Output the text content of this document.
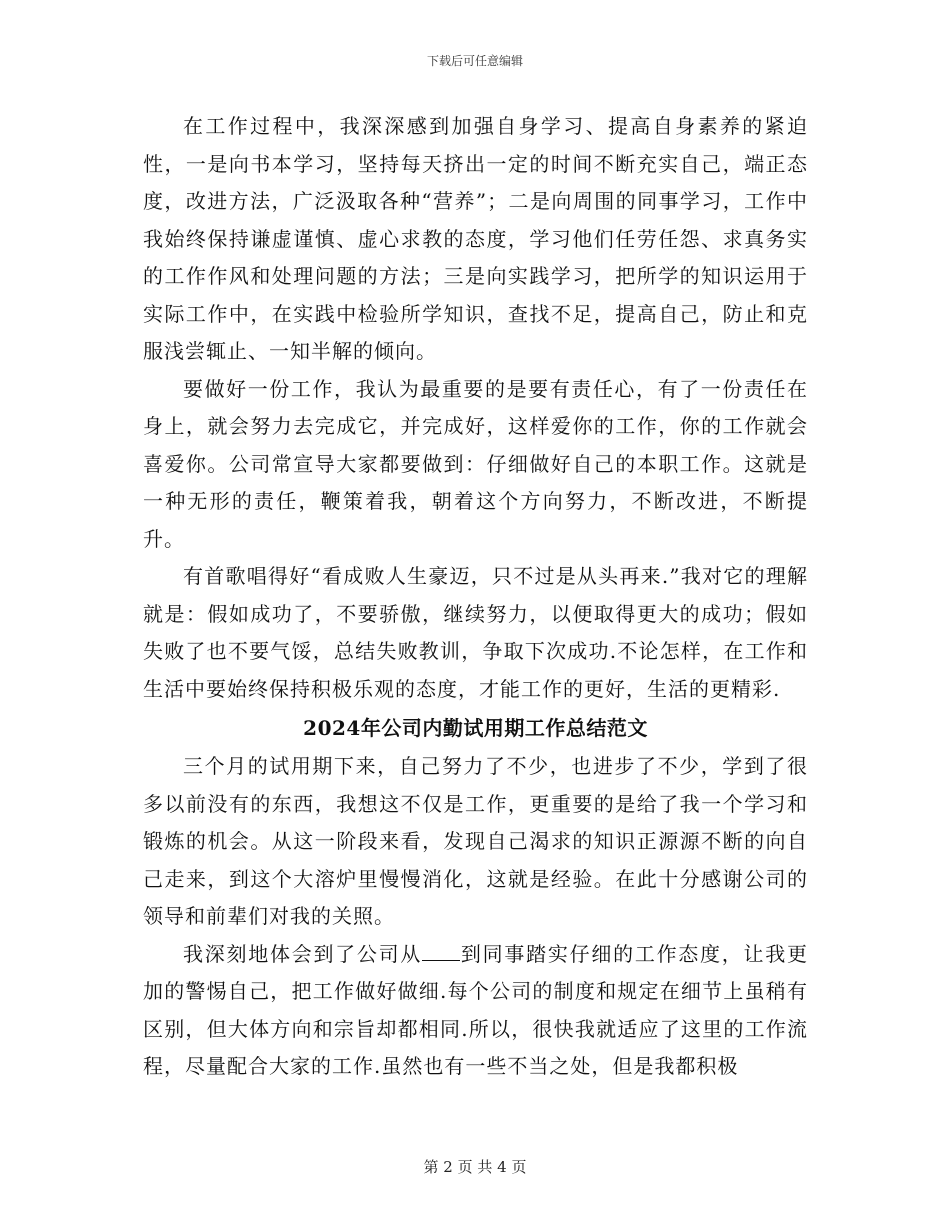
下载后可任意编辑

在工作过程中，我深深感到加强自身学习、提高自身素养的紧迫性，一是向书本学习，坚持每天挤出一定的时间不断充实自己，端正态度，改进方法，广泛汲取各种“营养”；二是向周围的同事学习，工作中我始终保持谦虚谨慎、虚心求教的态度，学习他们任劳任怨、求真务实的工作作风和处理问题的方法；三是向实践学习，把所学的知识运用于实际工作中，在实践中检验所学知识，查找不足，提高自己，防止和克服浅尝辄止、一知半解的倾向。

要做好一份工作，我认为最重要的是要有责任心，有了一份责任在身上，就会努力去完成它，并完成好，这样爱你的工作，你的工作就会喜爱你。公司常宣导大家都要做到：仔细做好自己的本职工作。这就是一种无形的责任，鞭策着我，朝着这个方向努力，不断改进，不断提升。

有首歌唱得好“看成败人生豪迈，只不过是从头再来.”我对它的理解就是：假如成功了，不要骄傲，继续努力，以便取得更大的成功；假如失败了也不要气馁，总结失败教训，争取下次成功.不论怎样，在工作和生活中要始终保持积极乐观的态度，才能工作的更好，生活的更精彩.

2024年公司内勤试用期工作总结范文

三个月的试用期下来，自己努力了不少，也进步了不少，学到了很多以前没有的东西，我想这不仅是工作，更重要的是给了我一个学习和锻炼的机会。从这一阶段来看，发现自己渴求的知识正源源不断的向自己走来，到这个大溶炉里慢慢消化，这就是经验。在此十分感谢公司的领导和前辈们对我的关照。

我深刻地体会到了公司从 到同事踏实仔细的工作态度，让我更加的警惕自己，把工作做好做细.每个公司的制度和规定在细节上虽稍有区别，但大体方向和宗旨却都相同.所以，很快我就适应了这里的工作流程，尽量配合大家的工作.虽然也有一些不当之处，但是我都积极

第 2 页 共 4 页
